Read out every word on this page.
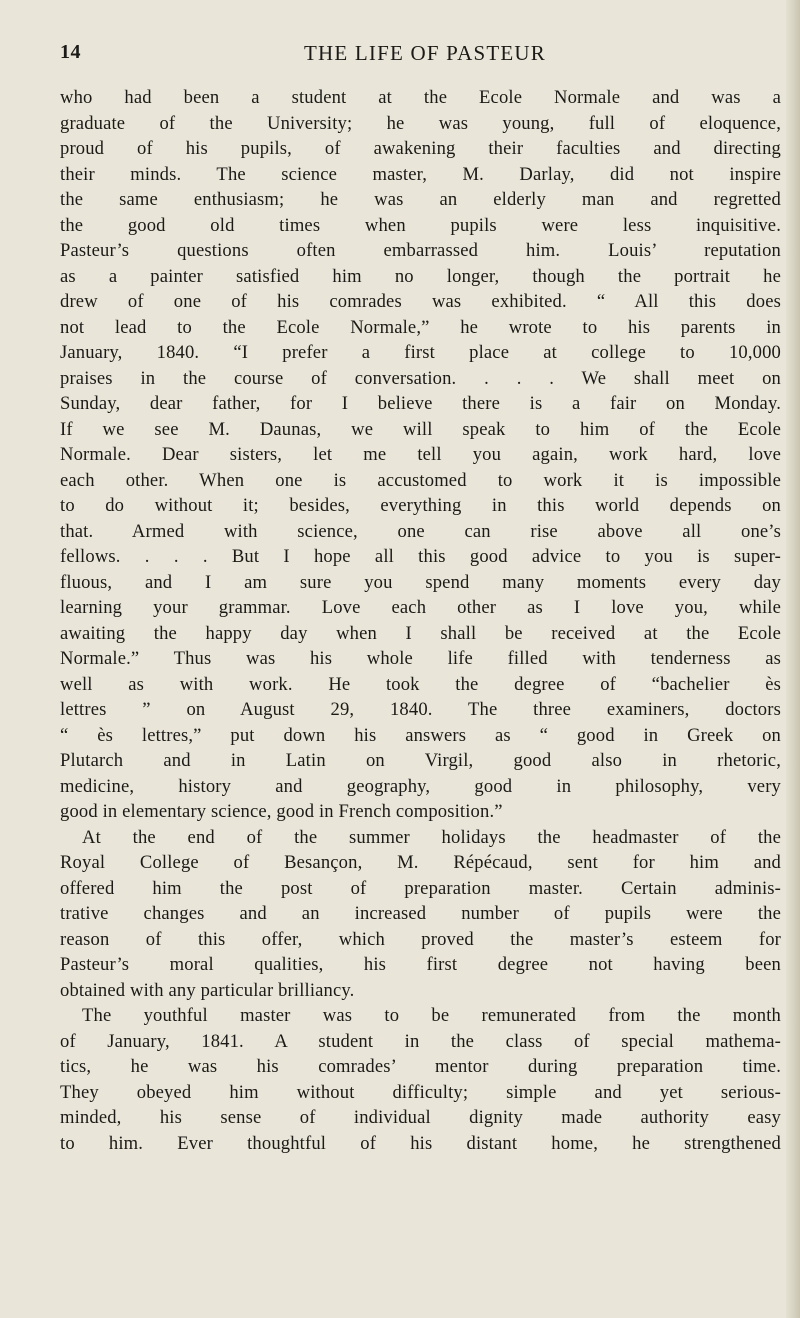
14	THE LIFE OF PASTEUR
who had been a student at the Ecole Normale and was a
graduate of the University; he was young, full of eloquence,
proud of his pupils, of awakening their faculties and directing
their minds. The science master, M. Darlay, did not inspire
the same enthusiasm; he was an elderly man and regretted
the good old times when pupils were less inquisitive.
Pasteur’s questions often embarrassed him. Louis’ reputation
as a painter satisfied him no longer, though the portrait he
drew of one of his comrades was exhibited. “ All this does
not lead to the Ecole Normale,” he wrote to his parents in
January, 1840. “I prefer a first place at college to 10,000
praises in the course of conversation. . . . We shall meet on
Sunday, dear father, for I believe there is a fair on Monday.
If we see M. Daunas, we will speak to him of the Ecole
Normale. Dear sisters, let me tell you again, work hard, love
each other. When one is accustomed to work it is impossible
to do without it; besides, everything in this world depends on
that. Armed with science, one can rise above all one’s
fellows. . . . But I hope all this good advice to you is super-
fluous, and I am sure you spend many moments every day
learning your grammar. Love each other as I love you, while
awaiting the happy day when I shall be received at the Ecole
Normale.” Thus was his whole life filled with tenderness as
well as with work. He took the degree of “bachelier ès
lettres ” on August 29, 1840. The three examiners, doctors
“ ès lettres,” put down his answers as “ good in Greek on
Plutarch and in Latin on Virgil, good also in rhetoric,
medicine, history and geography, good in philosophy, very
good in elementary science, good in French composition.”
At the end of the summer holidays the headmaster of the
Royal College of Besançon, M. Répécaud, sent for him and
offered him the post of preparation master. Certain adminis-
trative changes and an increased number of pupils were the
reason of this offer, which proved the master’s esteem for
Pasteur’s moral qualities, his first degree not having been
obtained with any particular brilliancy.
The youthful master was to be remunerated from the month
of January, 1841. A student in the class of special mathema-
tics, he was his comrades’ mentor during preparation time.
They obeyed him without difficulty; simple and yet serious-
minded, his sense of individual dignity made authority easy
to him. Ever thoughtful of his distant home, he strengthened
